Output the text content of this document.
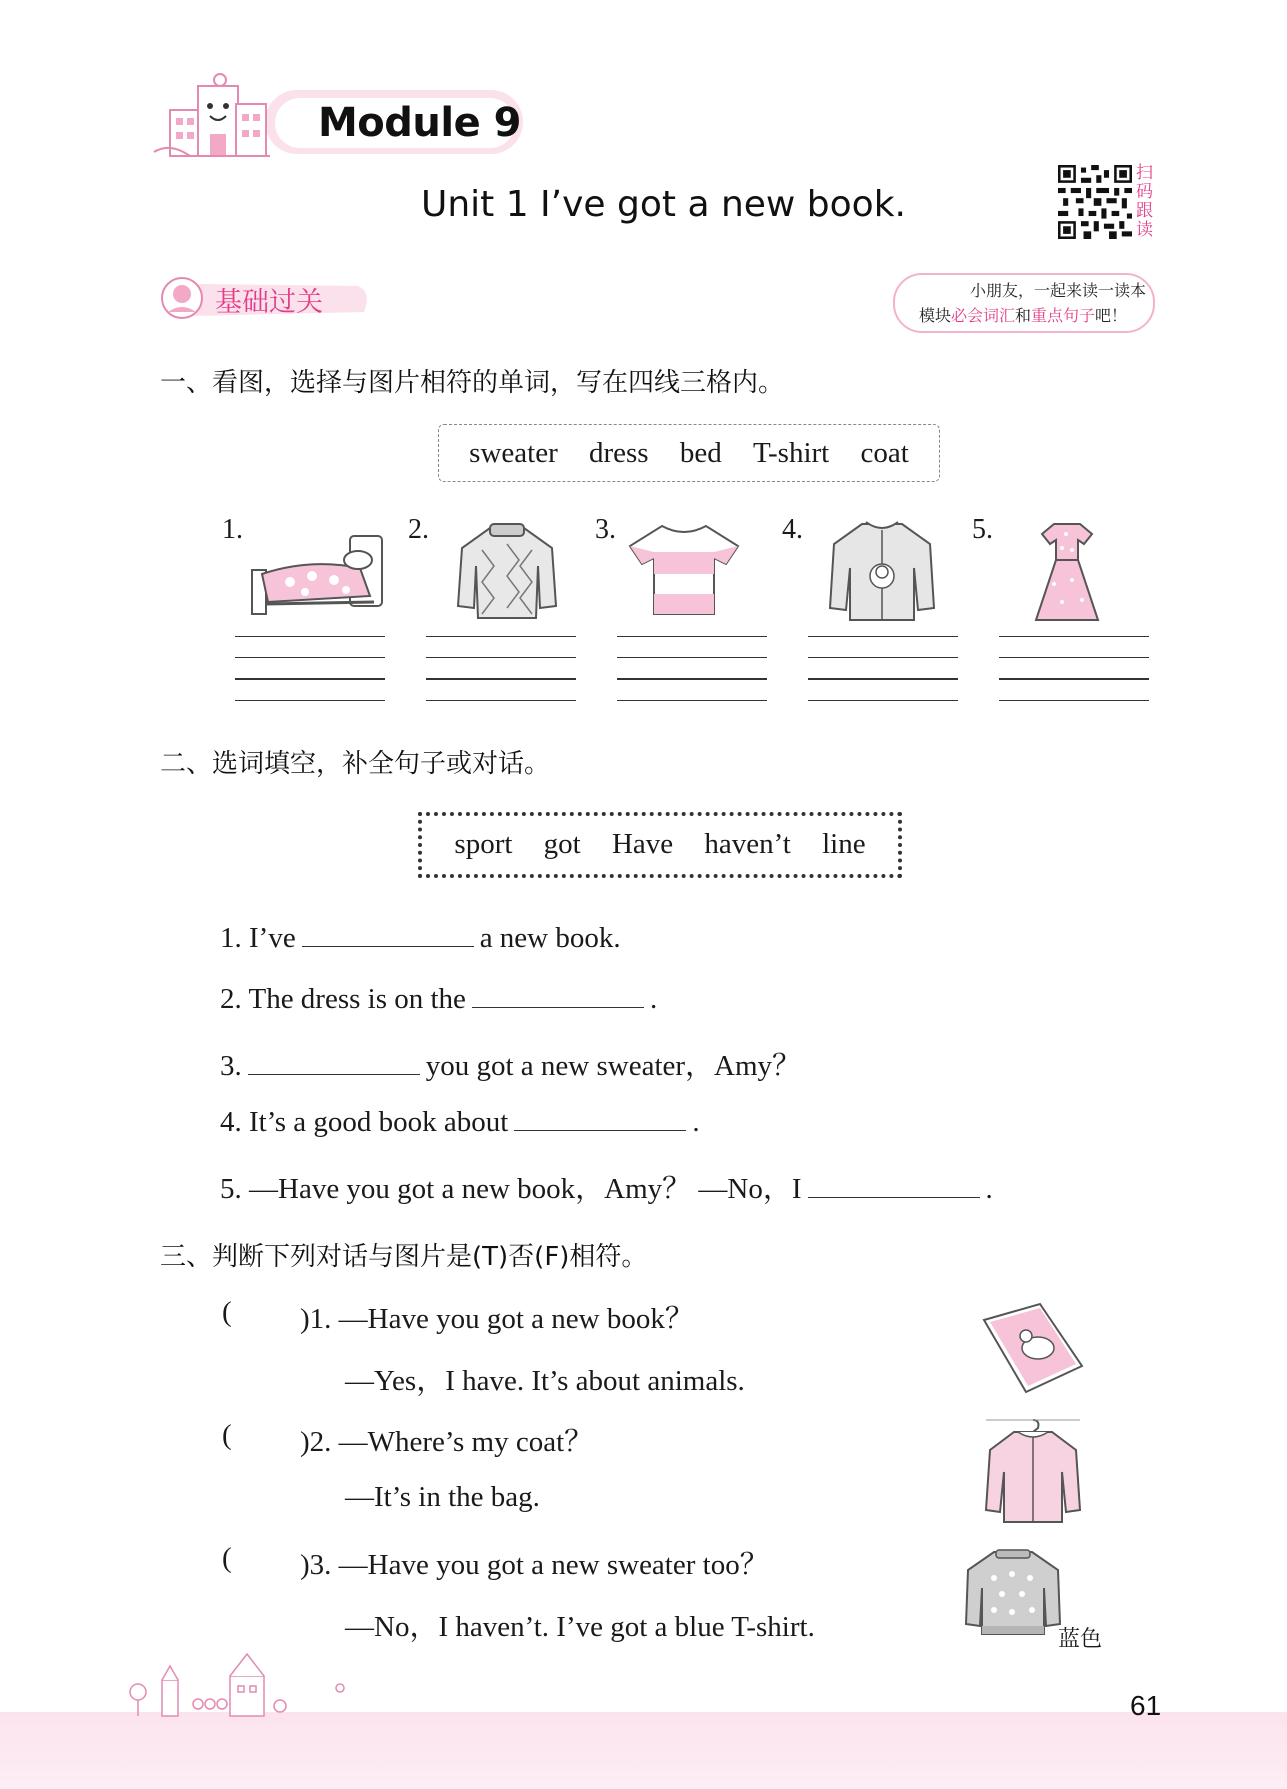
Module 9
Unit 1 I’ve got a new book.
扫码跟读
基础过关	小朋友，一起来读一读本
模块必会词汇和重点句子吧！
一、看图，选择与图片相符的单词，写在四线三格内。
sweater dress bed T-shirt coat
1.	2.	3.	4.	5.
二、选词填空，补全句子或对话。
sport got Have haven’t line
1. I’ve	a new book.
2. The dress is on the	.
3.	you got a new sweater，Amy？
4. It’s a good book about	.
5. —Have you got a new book，Amy？ —No，I	.
三、判断下列对话与图片是(T)否(F)相符。
( )1. —Have you got a new book？
—Yes，I have. It’s about animals.
( )2. —Where’s my coat？
—It’s in the bag.
( )3. —Have you got a new sweater too？
—No，I haven’t. I’ve got a blue T-shirt.	蓝色
61
